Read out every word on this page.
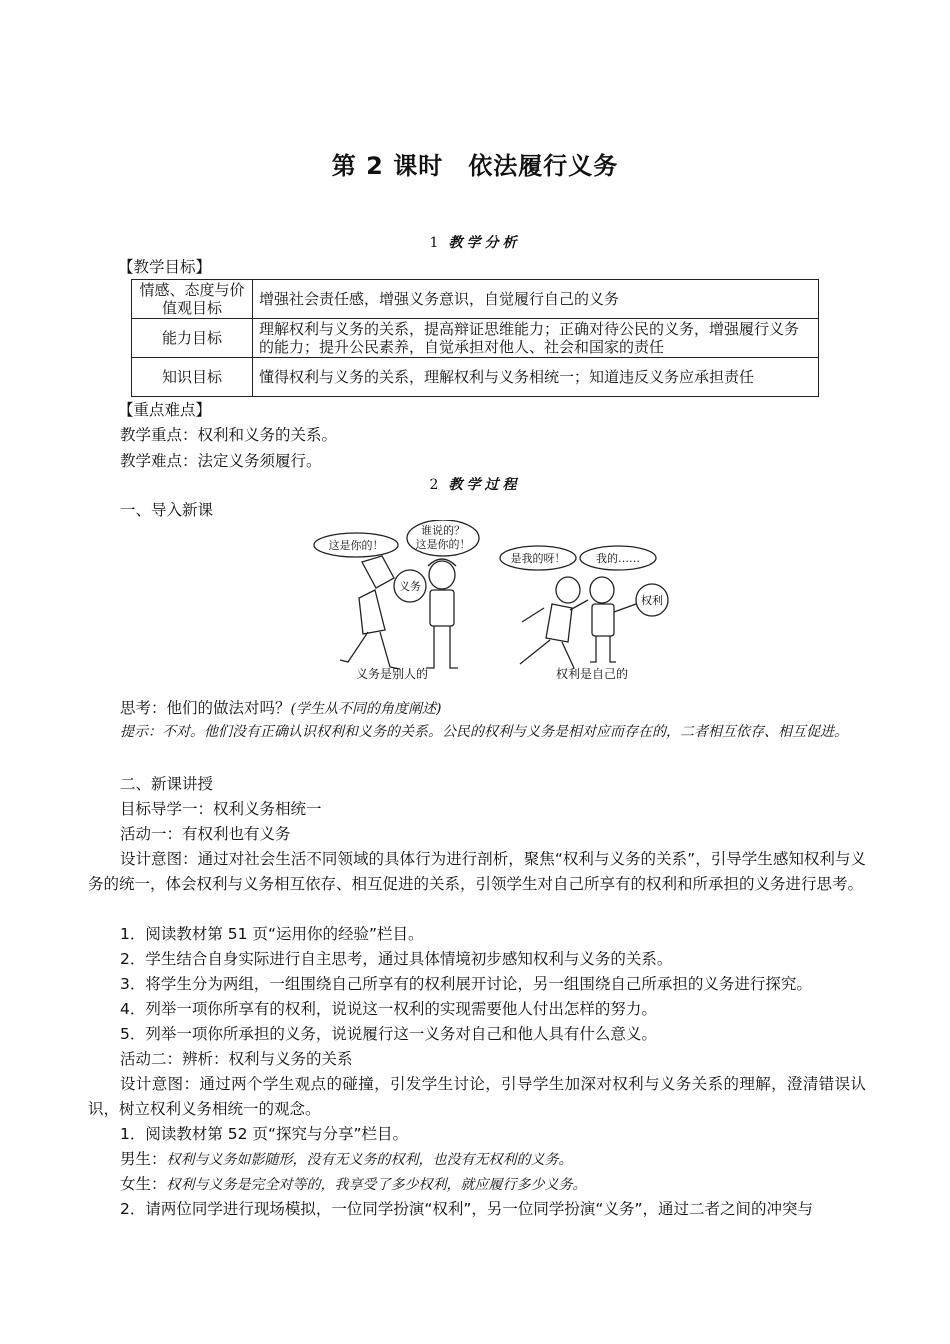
第 2 课时　依法履行义务
1 教学分析
【教学目标】
情感、态度与价值观目标	增强社会责任感，增强义务意识，自觉履行自己的义务
能力目标	理解权利与义务的关系，提高辩证思维能力；正确对待公民的义务，增强履行义务的能力；提升公民素养，自觉承担对他人、社会和国家的责任
知识目标	懂得权利与义务的关系，理解权利与义务相统一；知道违反义务应承担责任
【重点难点】
教学重点：权利和义务的关系。
教学难点：法定义务须履行。
2 教学过程
一、导入新课
这是你的！
谁说的？
这是你的！
是我的呀！	我的……
义务
权利
义务是别人的	权利是自己的
思考：他们的做法对吗？(学生从不同的角度阐述)
提示：不对。他们没有正确认识权利和义务的关系。公民的权利与义务是相对应而存在的，二者相互依存、相互促进。
二、新课讲授
目标导学一：权利义务相统一
活动一：有权利也有义务
设计意图：通过对社会生活不同领域的具体行为进行剖析，聚焦“权利与义务的关系”，引导学生感知权利与义务的统一，体会权利与义务相互依存、相互促进的关系，引领学生对自己所享有的权利和所承担的义务进行思考。
1．阅读教材第 51 页“运用你的经验”栏目。
2．学生结合自身实际进行自主思考，通过具体情境初步感知权利与义务的关系。
3．将学生分为两组，一组围绕自己所享有的权利展开讨论，另一组围绕自己所承担的义务进行探究。
4．列举一项你所享有的权利，说说这一权利的实现需要他人付出怎样的努力。
5．列举一项你所承担的义务，说说履行这一义务对自己和他人具有什么意义。
活动二：辨析：权利与义务的关系
设计意图：通过两个学生观点的碰撞，引发学生讨论，引导学生加深对权利与义务关系的理解，澄清错误认识，树立权利义务相统一的观念。
1．阅读教材第 52 页“探究与分享”栏目。
男生：权利与义务如影随形，没有无义务的权利，也没有无权利的义务。
女生：权利与义务是完全对等的，我享受了多少权利，就应履行多少义务。
2．请两位同学进行现场模拟，一位同学扮演“权利”，另一位同学扮演“义务”，通过二者之间的冲突与
